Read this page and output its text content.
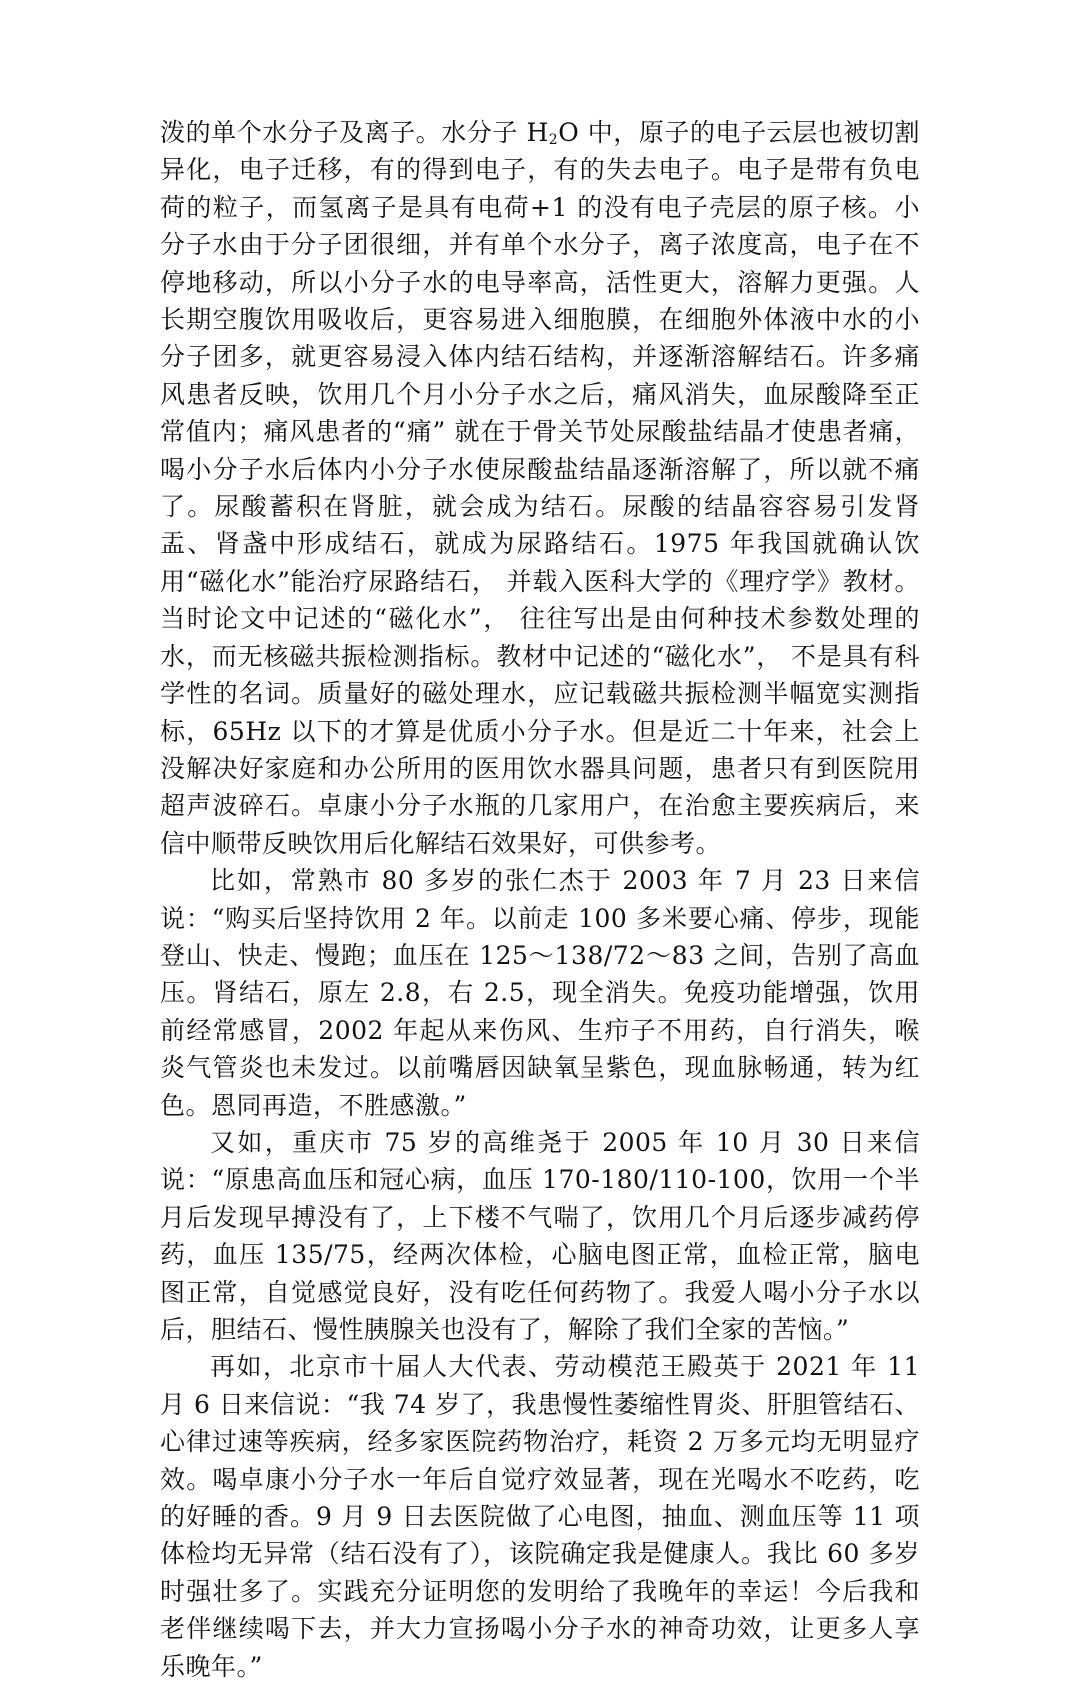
泼的单个水分子及离子。水分子 $H_2O$ 中，原子的电子云层也被切割异化，电子迁移，有的得到电子，有的失去电子。电子是带有负电荷的粒子，而氢离子是具有电荷+1 的没有电子壳层的原子核。小分子水由于分子团很细，并有单个水分子，离子浓度高，电子在不停地移动，所以小分子水的电导率高，活性更大，溶解力更强。人长期空腹饮用吸收后，更容易进入细胞膜，在细胞外体液中水的小分子团多，就更容易浸入体内结石结构，并逐渐溶解结石。许多痛风患者反映，饮用几个月小分子水之后，痛风消失，血尿酸降至正常值内；痛风患者的“痛” 就在于骨关节处尿酸盐结晶才使患者痛，喝小分子水后体内小分子水使尿酸盐结晶逐渐溶解了，所以就不痛了。尿酸蓄积在肾脏，就会成为结石。尿酸的结晶容容易引发肾盂、肾盏中形成结石，就成为尿路结石。1975 年我国就确认饮用“磁化水”能治疗尿路结石， 并载入医科大学的《理疗学》教材。当时论文中记述的“磁化水”， 往往写出是由何种技术参数处理的水，而无核磁共振检测指标。教材中记述的“磁化水”， 不是具有科学性的名词。质量好的磁处理水，应记载磁共振检测半幅宽实测指标，65Hz 以下的才算是优质小分子水。但是近二十年来，社会上没解决好家庭和办公所用的医用饮水器具问题，患者只有到医院用超声波碎石。卓康小分子水瓶的几家用户，在治愈主要疾病后，来信中顺带反映饮用后化解结石效果好，可供参考。

比如，常熟市 80 多岁的张仁杰于 2003 年 7 月 23 日来信说：“购买后坚持饮用 2 年。以前走 100 多米要心痛、停步，现能登山、快走、慢跑；血压在 125～138/72～83 之间，告别了高血压。肾结石，原左 2.8，右 2.5，现全消失。免疫功能增强，饮用前经常感冒，2002 年起从来伤风、生疖子不用药，自行消失，喉炎气管炎也未发过。以前嘴唇因缺氧呈紫色，现血脉畅通，转为红色。恩同再造，不胜感激。”

又如，重庆市 75 岁的高维尧于 2005 年 10 月 30 日来信说：“原患高血压和冠心病，血压 170-180/110-100，饮用一个半月后发现早搏没有了，上下楼不气喘了，饮用几个月后逐步减药停药，血压 135/75，经两次体检，心脑电图正常，血检正常，脑电图正常，自觉感觉良好，没有吃任何药物了。我爱人喝小分子水以后，胆结石、慢性胰腺关也没有了，解除了我们全家的苦恼。”

再如，北京市十届人大代表、劳动模范王殿英于 2021 年 11 月 6 日来信说：“我 74 岁了，我患慢性萎缩性胃炎、肝胆管结石、心律过速等疾病，经多家医院药物治疗，耗资 2 万多元均无明显疗效。喝卓康小分子水一年后自觉疗效显著，现在光喝水不吃药，吃的好睡的香。9 月 9 日去医院做了心电图，抽血、测血压等 11 项体检均无异常（结石没有了），该院确定我是健康人。我比 60 多岁时强壮多了。实践充分证明您的发明给了我晚年的幸运！今后我和老伴继续喝下去，并大力宣扬喝小分子水的神奇功效，让更多人享乐晚年。”
